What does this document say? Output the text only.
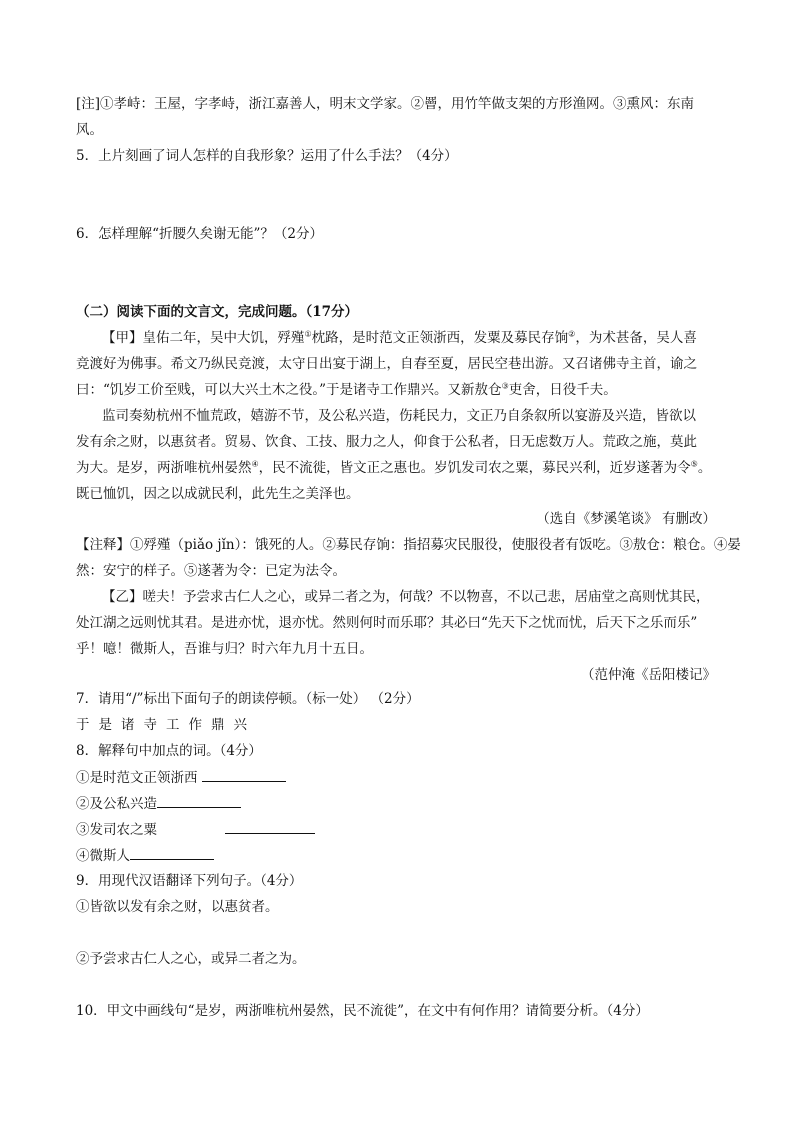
[注]①孝峙：王屋，字孝峙，浙江嘉善人，明末文学家。②罾，用竹竿做支架的方形渔网。③熏风：东南
风。
5．上片刻画了词人怎样的自我形象？运用了什么手法？（4分）
6．怎样理解“折腰久矣谢无能”？（2分）
（二）阅读下面的文言文，完成问题。（17分）
【甲】皇佑二年，吴中大饥，殍殣①枕路，是时范文正领浙西，发粟及募民存饷②，为术甚备，吴人喜
竞渡好为佛事。希文乃纵民竞渡，太守日出宴于湖上，自春至夏，居民空巷出游。又召诸佛寺主首，谕之
曰：“饥岁工价至贱，可以大兴土木之役。”于是诸寺工作鼎兴。又新敖仓③吏舍，日役千夫。
监司奏劾杭州不恤荒政，嬉游不节，及公私兴造，伤耗民力，文正乃自条叙所以宴游及兴造，皆欲以
发有余之财，以惠贫者。贸易、饮食、工技、服力之人，仰食于公私者，日无虑数万人。荒政之施，莫此
为大。是岁，两浙唯杭州晏然④，民不流徙，皆文正之惠也。岁饥发司农之粟，募民兴利，近岁遂著为令⑤。
既已恤饥，因之以成就民利，此先生之美泽也。
（选自《梦溪笔谈》 有删改）
【注释】①殍殣（piǎo jǐn）：饿死的人。②募民存饷：指招募灾民服役，使服役者有饭吃。③敖仓：粮仓。④晏
然：安宁的样子。⑤遂著为令：已定为法令。
【乙】嗟夫！予尝求古仁人之心，或异二者之为，何哉？不以物喜，不以己悲，居庙堂之高则忧其民，
处江湖之远则忧其君。是进亦忧，退亦忧。然则何时而乐耶？其必曰“先天下之忧而忧，后天下之乐而乐”
乎！噫！微斯人，吾谁与归？时六年九月十五日。
（范仲淹《岳阳楼记》
7．请用“/”标出下面句子的朗读停顿。（标一处） （2分）
于是诸寺工作鼎兴
8．解释句中加点的词。（4分）
①是时范文正领浙西
②及公私兴造
③发司农之粟
④微斯人
9．用现代汉语翻译下列句子。（4分）
①皆欲以发有余之财，以惠贫者。
②予尝求古仁人之心，或异二者之为。
10．甲文中画线句“是岁，两浙唯杭州晏然，民不流徙”，在文中有何作用？请简要分析。（4分）
